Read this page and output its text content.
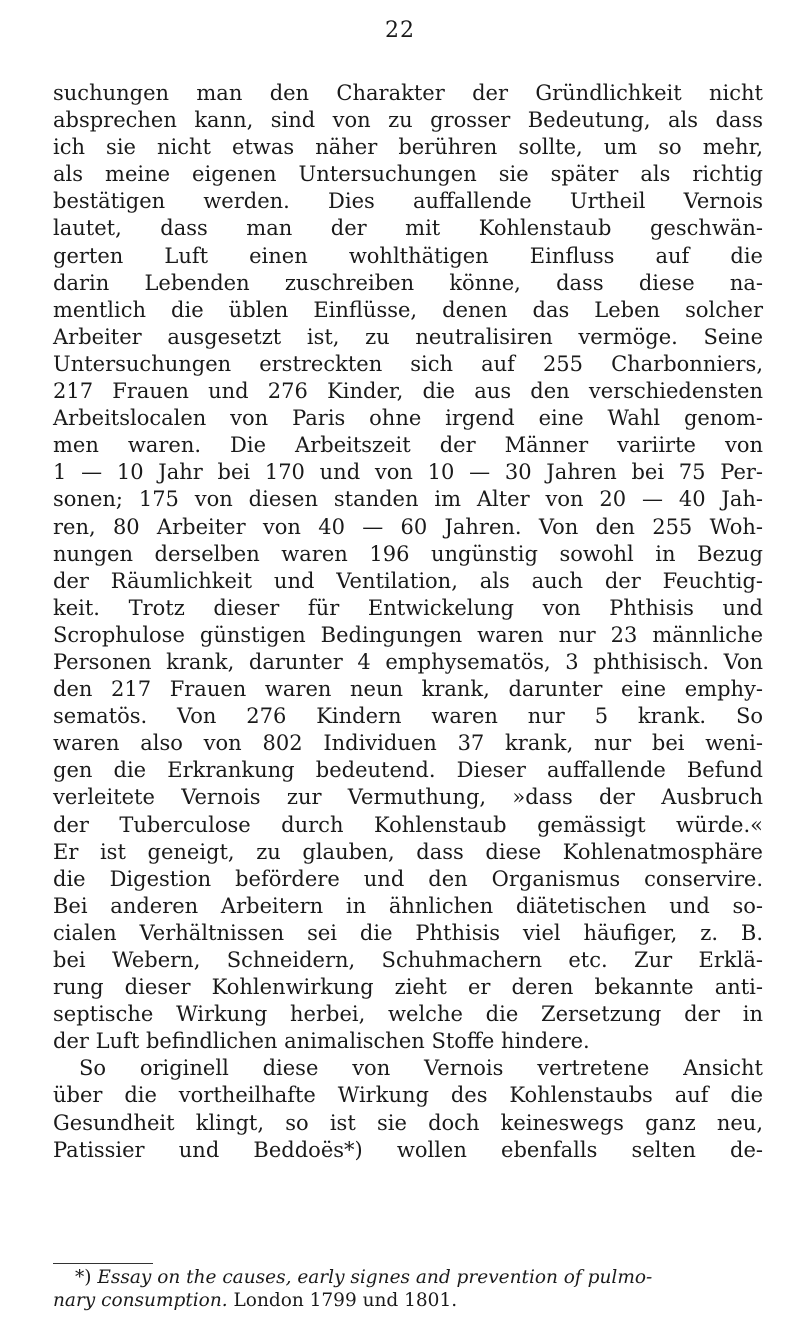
22
suchungen man den Charakter der Gründlichkeit nicht
absprechen kann, sind von zu grosser Bedeutung, als dass
ich sie nicht etwas näher berühren sollte, um so mehr,
als meine eigenen Untersuchungen sie später als richtig
bestätigen werden. Dies auffallende Urtheil Vernois
lautet, dass man der mit Kohlenstaub geschwän-
gerten Luft einen wohlthätigen Einfluss auf die
darin Lebenden zuschreiben könne, dass diese na-
mentlich die üblen Einflüsse, denen das Leben solcher
Arbeiter ausgesetzt ist, zu neutralisiren vermöge. Seine
Untersuchungen erstreckten sich auf 255 Charbonniers,
217 Frauen und 276 Kinder, die aus den verschiedensten
Arbeitslocalen von Paris ohne irgend eine Wahl genom-
men waren. Die Arbeitszeit der Männer variirte von
1 — 10 Jahr bei 170 und von 10 — 30 Jahren bei 75 Per-
sonen; 175 von diesen standen im Alter von 20 — 40 Jah-
ren, 80 Arbeiter von 40 — 60 Jahren. Von den 255 Woh-
nungen derselben waren 196 ungünstig sowohl in Bezug
der Räumlichkeit und Ventilation, als auch der Feuchtig-
keit. Trotz dieser für Entwickelung von Phthisis und
Scrophulose günstigen Bedingungen waren nur 23 männliche
Personen krank, darunter 4 emphysematös, 3 phthisisch. Von
den 217 Frauen waren neun krank, darunter eine emphy-
sematös. Von 276 Kindern waren nur 5 krank. So
waren also von 802 Individuen 37 krank, nur bei weni-
gen die Erkrankung bedeutend. Dieser auffallende Befund
verleitete Vernois zur Vermuthung, »dass der Ausbruch
der Tuberculose durch Kohlenstaub gemässigt würde.«
Er ist geneigt, zu glauben, dass diese Kohlenatmosphäre
die Digestion befördere und den Organismus conservire.
Bei anderen Arbeitern in ähnlichen diätetischen und so-
cialen Verhältnissen sei die Phthisis viel häufiger, z. B.
bei Webern, Schneidern, Schuhmachern etc. Zur Erklä-
rung dieser Kohlenwirkung zieht er deren bekannte anti-
septische Wirkung herbei, welche die Zersetzung der in
der Luft befindlichen animalischen Stoffe hindere.
So originell diese von Vernois vertretene Ansicht
über die vortheilhafte Wirkung des Kohlenstaubs auf die
Gesundheit klingt, so ist sie doch keineswegs ganz neu,
Patissier und Beddoës*) wollen ebenfalls selten de-
*) Essay on the causes, early signes and prevention of pulmo-
nary consumption. London 1799 und 1801.
